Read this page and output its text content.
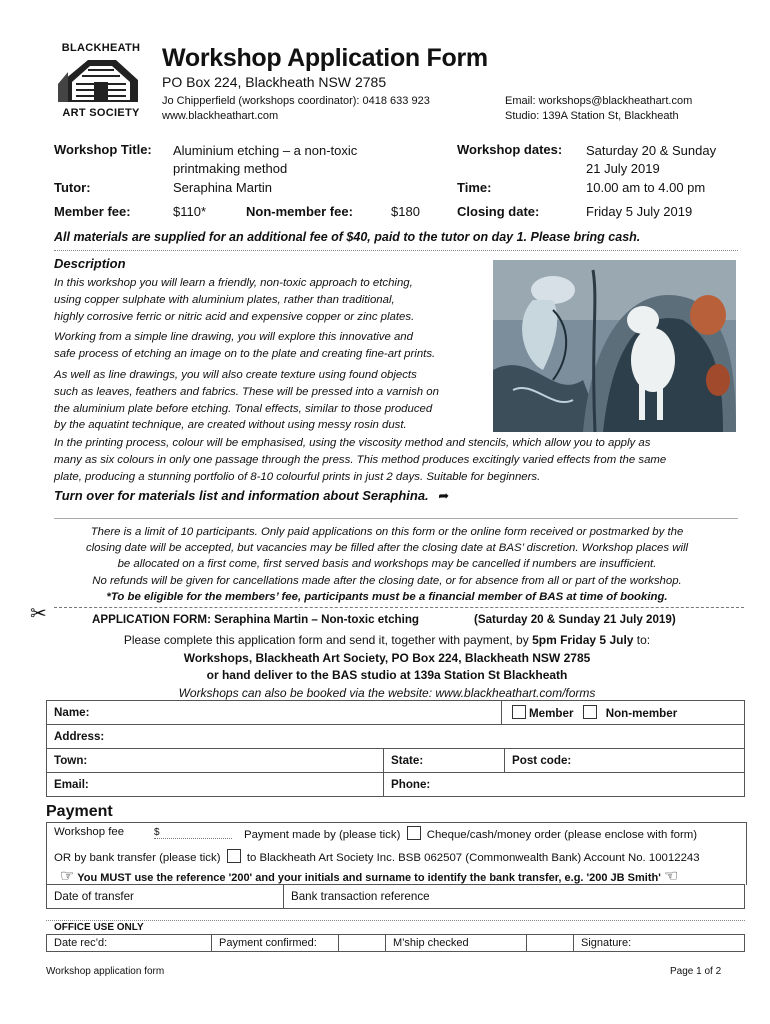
BLACKHEATH
ART SOCIETY
Workshop Application Form
PO Box 224, Blackheath NSW 2785
Jo Chipperfield (workshops coordinator): 0418 633 923
www.blackheathart.com
Email: workshops@blackheathart.com
Studio: 139A Station St, Blackheath
Workshop Title: Aluminium etching – a non-toxic
printmaking method
Workshop dates: Saturday 20 & Sunday
21 July 2019
Tutor:	Seraphina Martin	Time:	10.00 am to 4.00 pm
Member fee:	$110*	Non-member fee:	$180	Closing date:	Friday 5 July 2019
All materials are supplied for an additional fee of $40, paid to the tutor on day 1. Please bring cash.
Description

In this workshop you will learn a friendly, non-toxic approach to etching,
using copper sulphate with aluminium plates, rather than traditional,
highly corrosive ferric or nitric acid and expensive copper or zinc plates.

Working from a simple line drawing, you will explore this innovative and
safe process of etching an image on to the plate and creating fine-art prints.

As well as line drawings, you will also create texture using found objects
such as leaves, feathers and fabrics. These will be pressed into a varnish on
the aluminium plate before etching. Tonal effects, similar to those produced
by the aquatint technique, are created without using messy rosin dust.

In the printing process, colour will be emphasised, using the viscosity method and stencils, which allow you to apply as
many as six colours in only one passage through the press. This method produces excitingly varied effects from the same
plate, producing a stunning portfolio of 8-10 colourful prints in just 2 days. Suitable for beginners.
Turn over for materials list and information about Seraphina. ➦
There is a limit of 10 participants. Only paid applications on this form or the online form received or postmarked by the
closing date will be accepted, but vacancies may be filled after the closing date at BAS’ discretion. Workshop places will
be allocated on a first come, first served basis and workshops may be cancelled if numbers are insufficient.
No refunds will be given for cancellations made after the closing date, or for absence from all or part of the workshop.
*To be eligible for the members’ fee, participants must be a financial member of BAS at time of booking.
✂	APPLICATION FORM: Seraphina Martin – Non-toxic etching	(Saturday 20 & Sunday 21 July 2019)
Please complete this application form and send it, together with payment, by 5pm Friday 5 July to:
Workshops, Blackheath Art Society, PO Box 224, Blackheath NSW 2785
or hand deliver to the BAS studio at 139a Station St Blackheath
Workshops can also be booked via the website: www.blackheathart.com/forms
Name:	Member	Non-member
Address:
Town:	State:	Post code:
Email:	Phone:
Payment
Workshop fee	$	Payment made by (please tick) Cheque/cash/money order (please enclose with form)
OR by bank transfer (please tick) to Blackheath Art Society Inc. BSB 062507 (Commonwealth Bank) Account No. 10012243
☞ You MUST use the reference '200' and your initials and surname to identify the bank transfer, e.g. '200 JB Smith' ☜
Date of transfer	Bank transaction reference
OFFICE USE ONLY
Date rec’d:	Payment confirmed:		M’ship checked		Signature:
Workshop application form	Page 1 of 2
